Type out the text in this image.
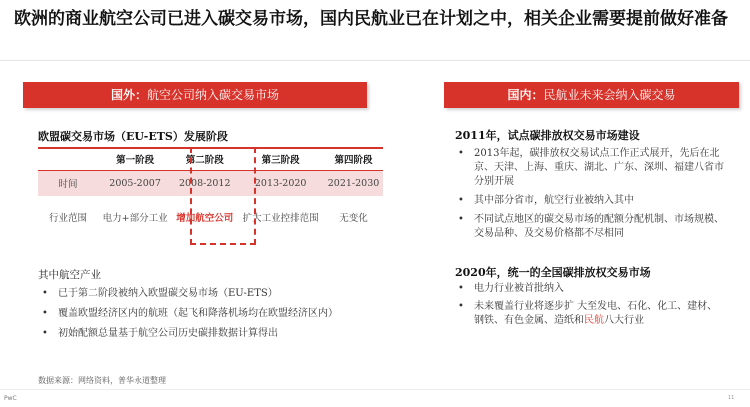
欧洲的商业航空公司已进入碳交易市场，国内民航业已在计划之中，相关企业需要提前做好准备
国外：航空公司纳入碳交易市场
欧盟碳交易市场（EU-ETS）发展阶段
	第一阶段	第二阶段	第三阶段	第四阶段
时间	2005-2007	2008-2012	2013-2020	2021-2030
行业范围	电力+部分工业	增加航空公司	扩大工业控排范围	无变化
其中航空产业
• 已于第二阶段被纳入欧盟碳交易市场（EU-ETS）
• 覆盖欧盟经济区内的航班（起飞和降落机场均在欧盟经济区内）
• 初始配额总量基于航空公司历史碳排数据计算得出
国内：民航业未来会纳入碳交易
2011年，试点碳排放权交易市场建设
• 2013年起，碳排放权交易试点工作正式展开，先后在北京、天津、上海、重庆、湖北、广东、深圳、福建八省市分别开展
• 其中部分省市，航空行业被纳入其中
• 不同试点地区的碳交易市场的配额分配机制、市场规模、交易品种、及交易价格都不尽相同
2020年，统一的全国碳排放权交易市场
• 电力行业被首批纳入
• 未来覆盖行业将逐步扩 大至发电、石化、化工、建材、钢铁、有色金属、造纸和民航八大行业
数据来源：网络资料，普华永道整理
PwC	11
